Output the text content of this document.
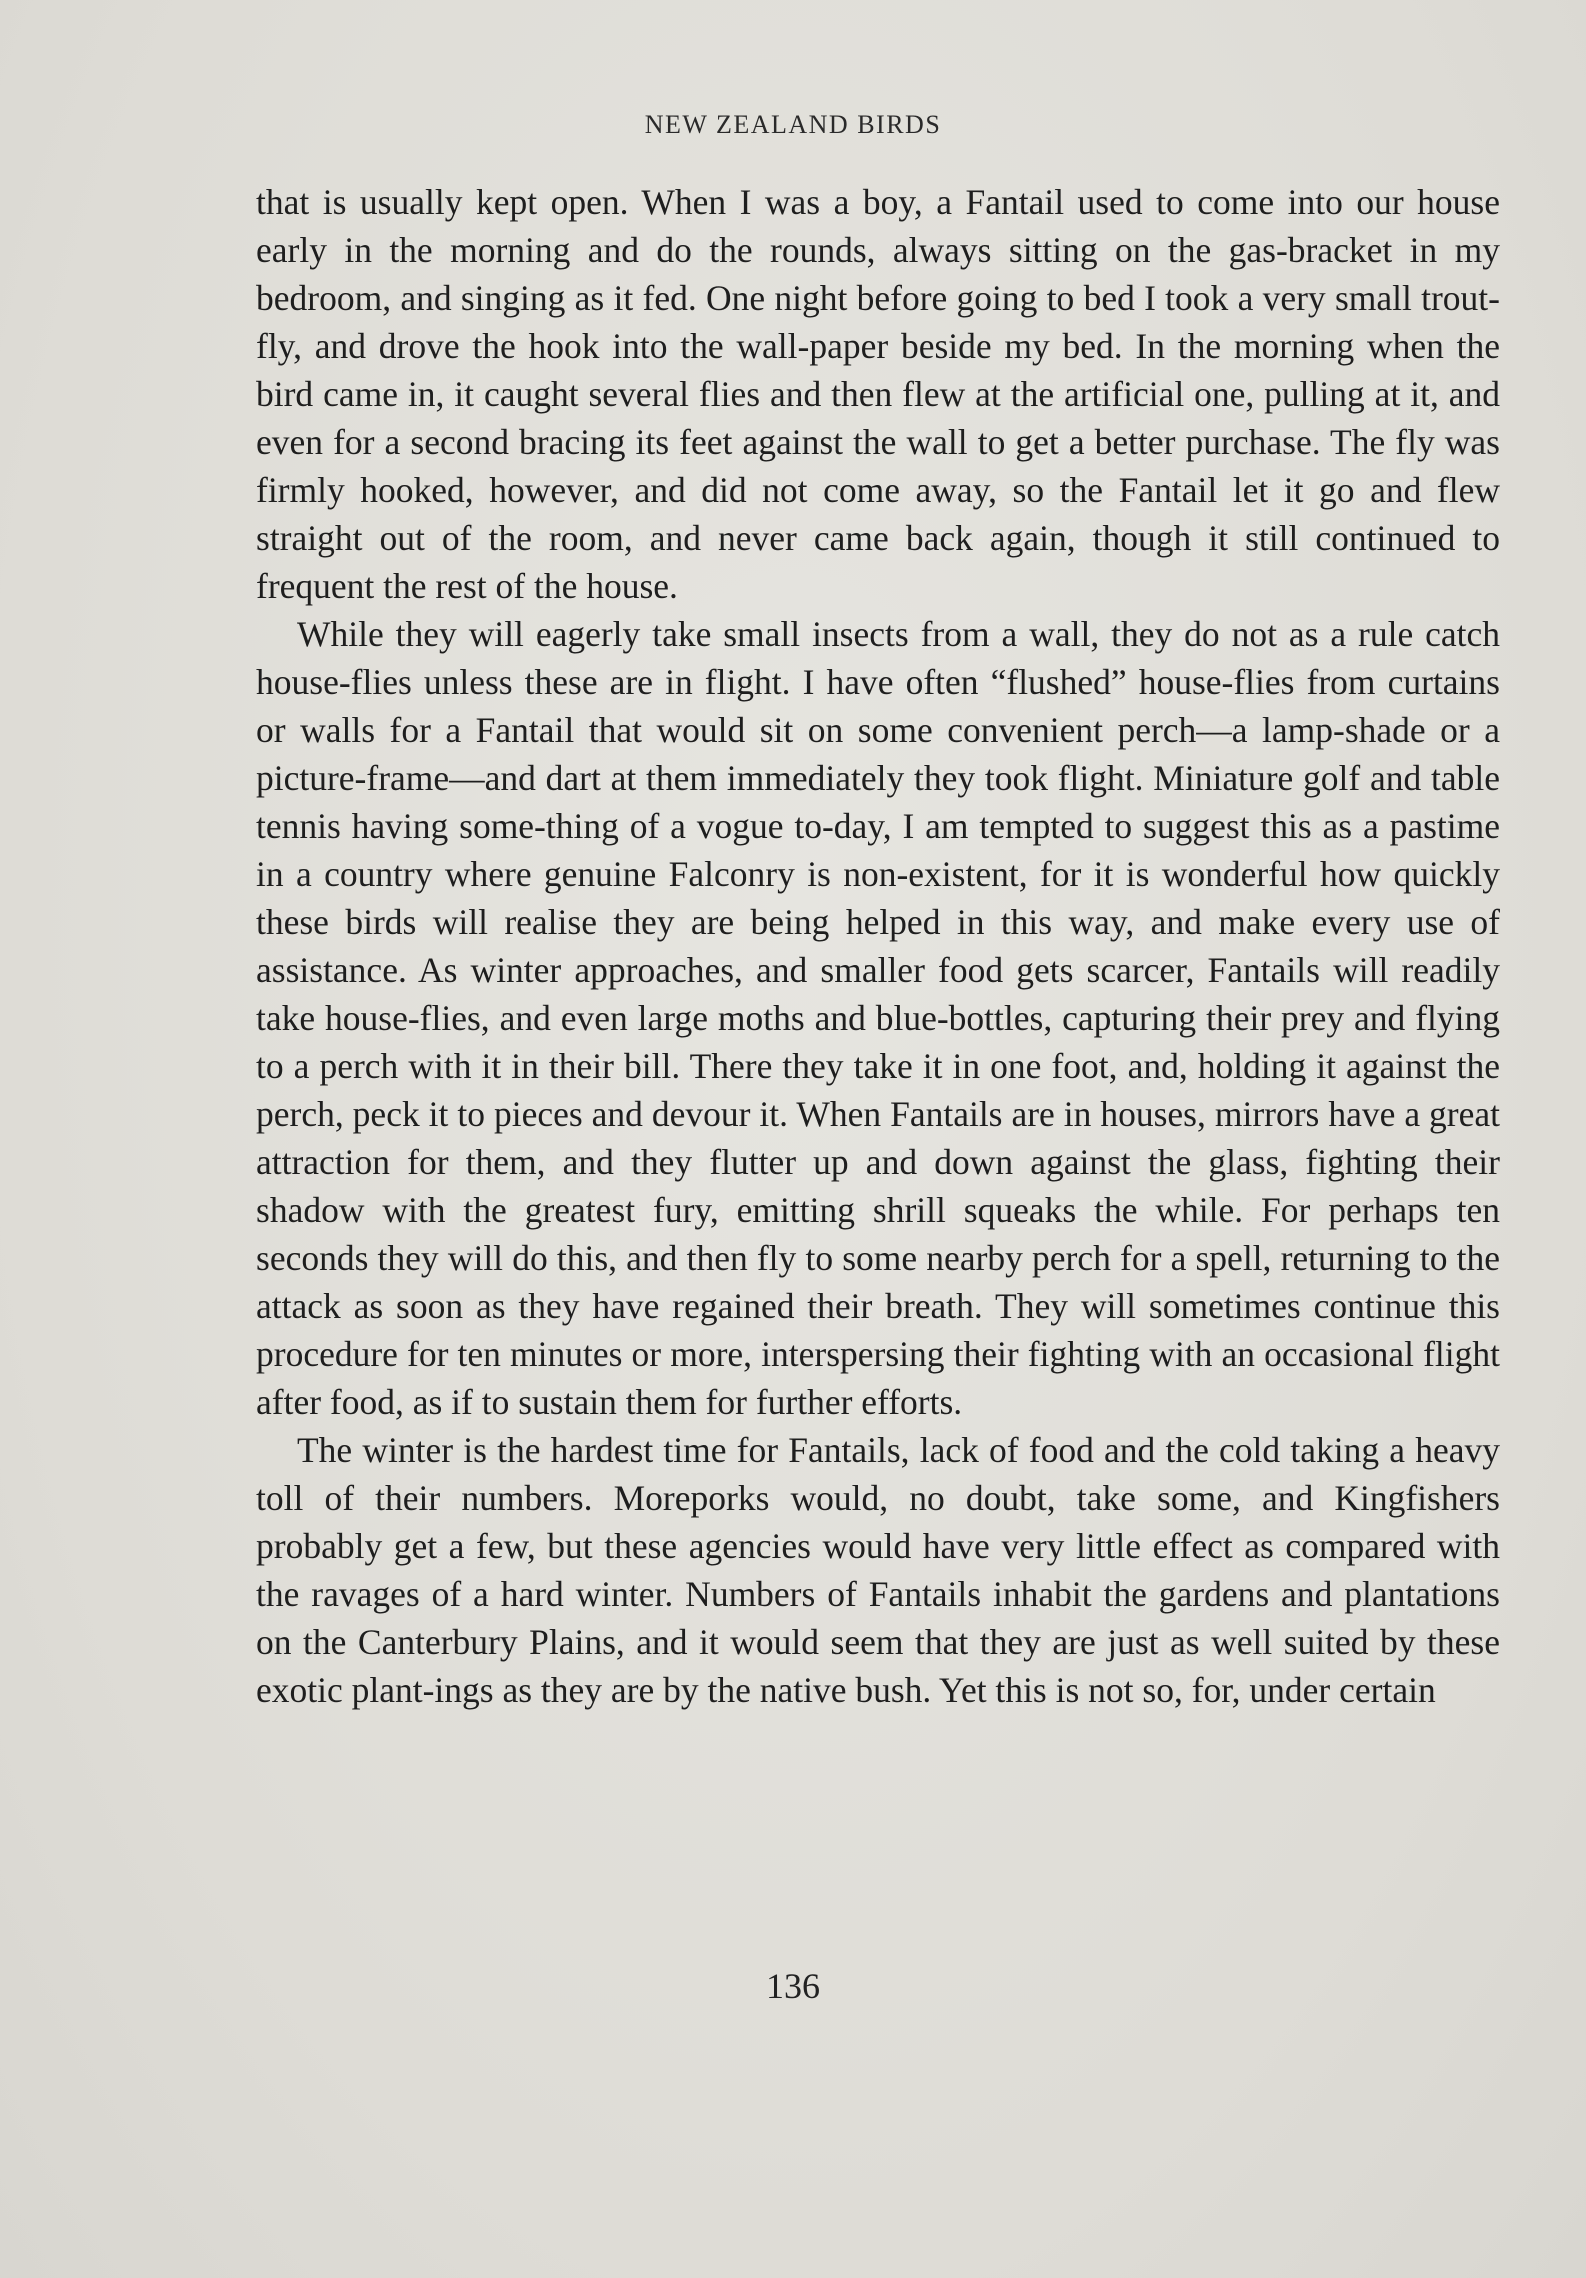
NEW ZEALAND BIRDS

that is usually kept open. When I was a boy, a Fantail used to come into our house early in the morning and do the rounds, always sitting on the gas-bracket in my bedroom, and singing as it fed. One night before going to bed I took a very small trout-fly, and drove the hook into the wall-paper beside my bed. In the morning when the bird came in, it caught several flies and then flew at the artificial one, pulling at it, and even for a second bracing its feet against the wall to get a better purchase. The fly was firmly hooked, however, and did not come away, so the Fantail let it go and flew straight out of the room, and never came back again, though it still continued to frequent the rest of the house.

While they will eagerly take small insects from a wall, they do not as a rule catch house-flies unless these are in flight. I have often “flushed” house-flies from curtains or walls for a Fantail that would sit on some convenient perch—a lamp-shade or a picture-frame—and dart at them immediately they took flight. Miniature golf and table tennis having some-thing of a vogue to-day, I am tempted to suggest this as a pastime in a country where genuine Falconry is non-existent, for it is wonderful how quickly these birds will realise they are being helped in this way, and make every use of assistance. As winter approaches, and smaller food gets scarcer, Fantails will readily take house-flies, and even large moths and blue-bottles, capturing their prey and flying to a perch with it in their bill. There they take it in one foot, and, holding it against the perch, peck it to pieces and devour it. When Fantails are in houses, mirrors have a great attraction for them, and they flutter up and down against the glass, fighting their shadow with the greatest fury, emitting shrill squeaks the while. For perhaps ten seconds they will do this, and then fly to some nearby perch for a spell, returning to the attack as soon as they have regained their breath. They will sometimes continue this procedure for ten minutes or more, interspersing their fighting with an occasional flight after food, as if to sustain them for further efforts.

The winter is the hardest time for Fantails, lack of food and the cold taking a heavy toll of their numbers. Moreporks would, no doubt, take some, and Kingfishers probably get a few, but these agencies would have very little effect as compared with the ravages of a hard winter. Numbers of Fantails inhabit the gardens and plantations on the Canterbury Plains, and it would seem that they are just as well suited by these exotic plant-ings as they are by the native bush. Yet this is not so, for, under certain

136
